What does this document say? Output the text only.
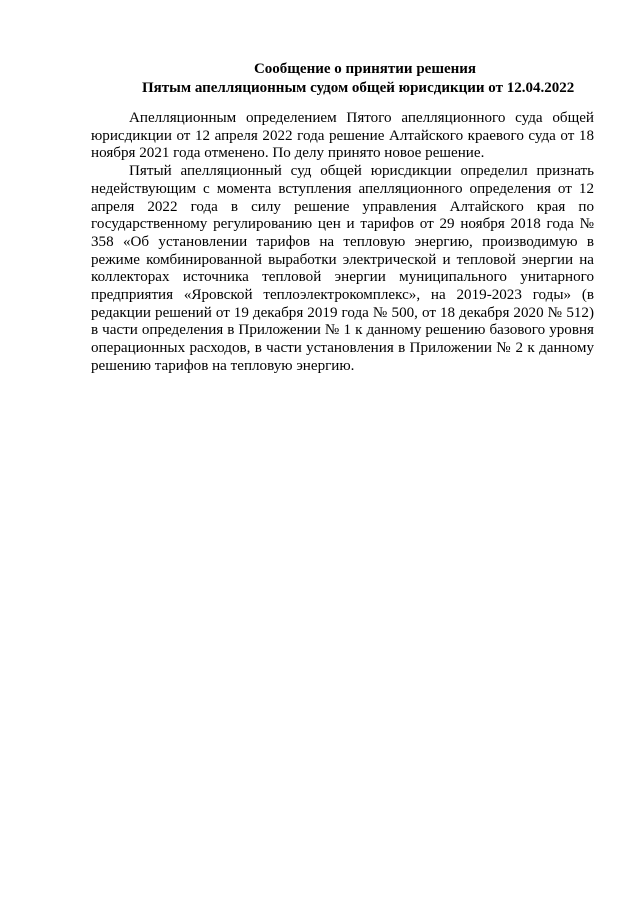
Сообщение о принятии решения
Пятым апелляционным судом общей юрисдикции от 12.04.2022

Апелляционным определением Пятого апелляционного суда общей юрисдикции от 12 апреля 2022 года решение Алтайского краевого суда от 18 ноября 2021 года отменено. По делу принято новое решение.

Пятый апелляционный суд общей юрисдикции определил признать недействующим с момента вступления апелляционного определения от 12 апреля 2022 года в силу решение управления Алтайского края по государственному регулированию цен и тарифов от 29 ноября 2018 года № 358 «Об установлении тарифов на тепловую энергию, производимую в режиме комбинированной выработки электрической и тепловой энергии на коллекторах источника тепловой энергии муниципального унитарного предприятия «Яровской теплоэлектрокомплекс», на 2019-2023 годы» (в редакции решений от 19 декабря 2019 года № 500, от 18 декабря 2020 № 512) в части определения в Приложении № 1 к данному решению базового уровня операционных расходов, в части установления в Приложении № 2 к данному решению тарифов на тепловую энергию.
